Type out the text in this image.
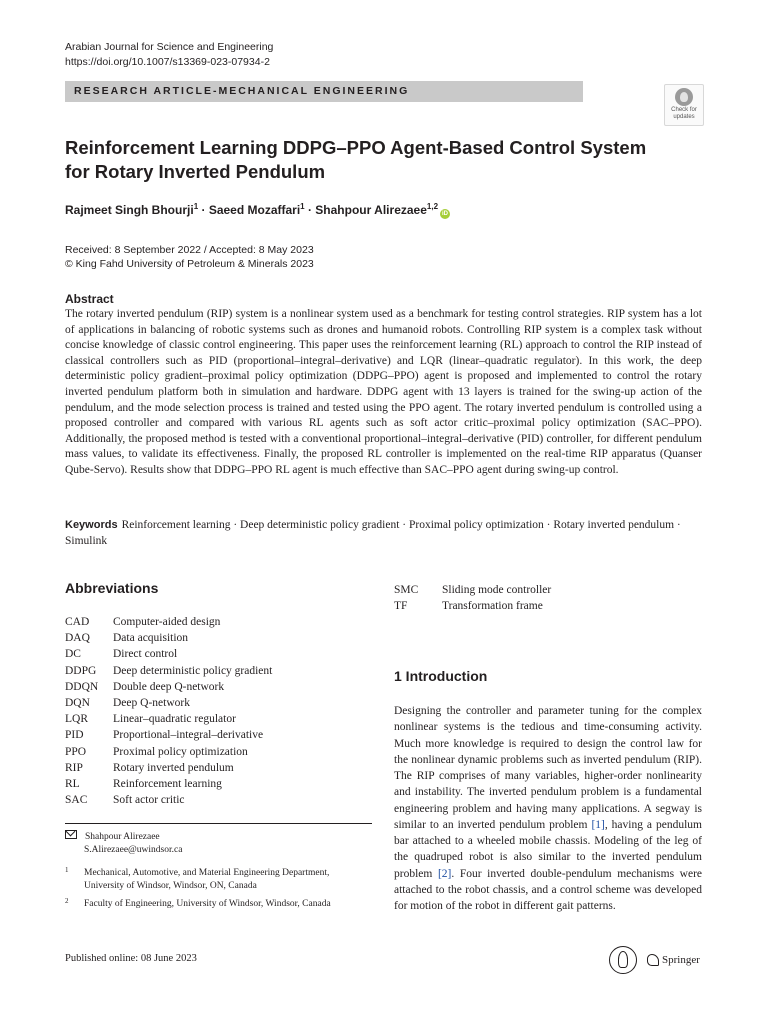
Arabian Journal for Science and Engineering
https://doi.org/10.1007/s13369-023-07934-2
RESEARCH ARTICLE-MECHANICAL ENGINEERING
Check for
updates
Reinforcement Learning DDPG–PPO Agent-Based Control System
for Rotary Inverted Pendulum
Rajmeet Singh Bhourji$^1$ · Saeed Mozaffari$^1$ · Shahpour Alirezaee$^{1,2}$iD
Received: 8 September 2022 / Accepted: 8 May 2023
© King Fahd University of Petroleum & Minerals 2023
Abstract
The rotary inverted pendulum (RIP) system is a nonlinear system used as a benchmark for testing control strategies. RIP system has a lot of applications in balancing of robotic systems such as drones and humanoid robots. Controlling RIP system is a complex task without concise knowledge of classic control engineering. This paper uses the reinforcement learning (RL) approach to control the RIP instead of classical controllers such as PID (proportional–integral–derivative) and LQR (linear–quadratic regulator). In this work, the deep deterministic policy gradient–proximal policy optimization (DDPG–PPO) agent is proposed and implemented to control the rotary inverted pendulum platform both in simulation and hardware. DDPG agent with 13 layers is trained for the swing-up action of the pendulum, and the mode selection process is trained and tested using the PPO agent. The rotary inverted pendulum is controlled using a proposed controller and compared with various RL agents such as soft actor critic–proximal policy optimization (SAC–PPO). Additionally, the proposed method is tested with a conventional proportional–integral–derivative (PID) controller, for different pendulum mass values, to validate its effectiveness. Finally, the proposed RL controller is implemented on the real-time RIP apparatus (Quanser Qube-Servo). Results show that DDPG–PPO RL agent is much effective than SAC–PPO agent during swing-up control.
Keywords Reinforcement learning · Deep deterministic policy gradient · Proximal policy optimization · Rotary inverted pendulum · Simulink
Abbreviations
CAD	Computer-aided design
DAQ	Data acquisition
DC	Direct control
DDPG	Deep deterministic policy gradient
DDQN	Double deep Q-network
DQN	Deep Q-network
LQR	Linear–quadratic regulator
PID	Proportional–integral–derivative
PPO	Proximal policy optimization
RIP	Rotary inverted pendulum
RL	Reinforcement learning
SAC	Soft actor critic
SMC	Sliding mode controller
TF	Transformation frame
Shahpour Alirezaee
S.Alirezaee@uwindsor.ca
1 Mechanical, Automotive, and Material Engineering Department, University of Windsor, Windsor, ON, Canada
2 Faculty of Engineering, University of Windsor, Windsor, Canada
1 Introduction
Designing the controller and parameter tuning for the complex nonlinear systems is the tedious and time-consuming activity. Much more knowledge is required to design the control law for the nonlinear dynamic problems such as inverted pendulum (RIP). The RIP comprises of many variables, higher-order nonlinearity and instability. The inverted pendulum problem is a fundamental engineering problem and having many applications. A segway is similar to an inverted pendulum problem [1], having a pendulum bar attached to a wheeled mobile chassis. Modeling of the leg of the quadruped robot is also similar to the inverted pendulum problem [2]. Four inverted double-pendulum mechanisms were attached to the robot chassis, and a control scheme was developed for motion of the robot in different gait patterns.
Published online: 08 June 2023	Springer
